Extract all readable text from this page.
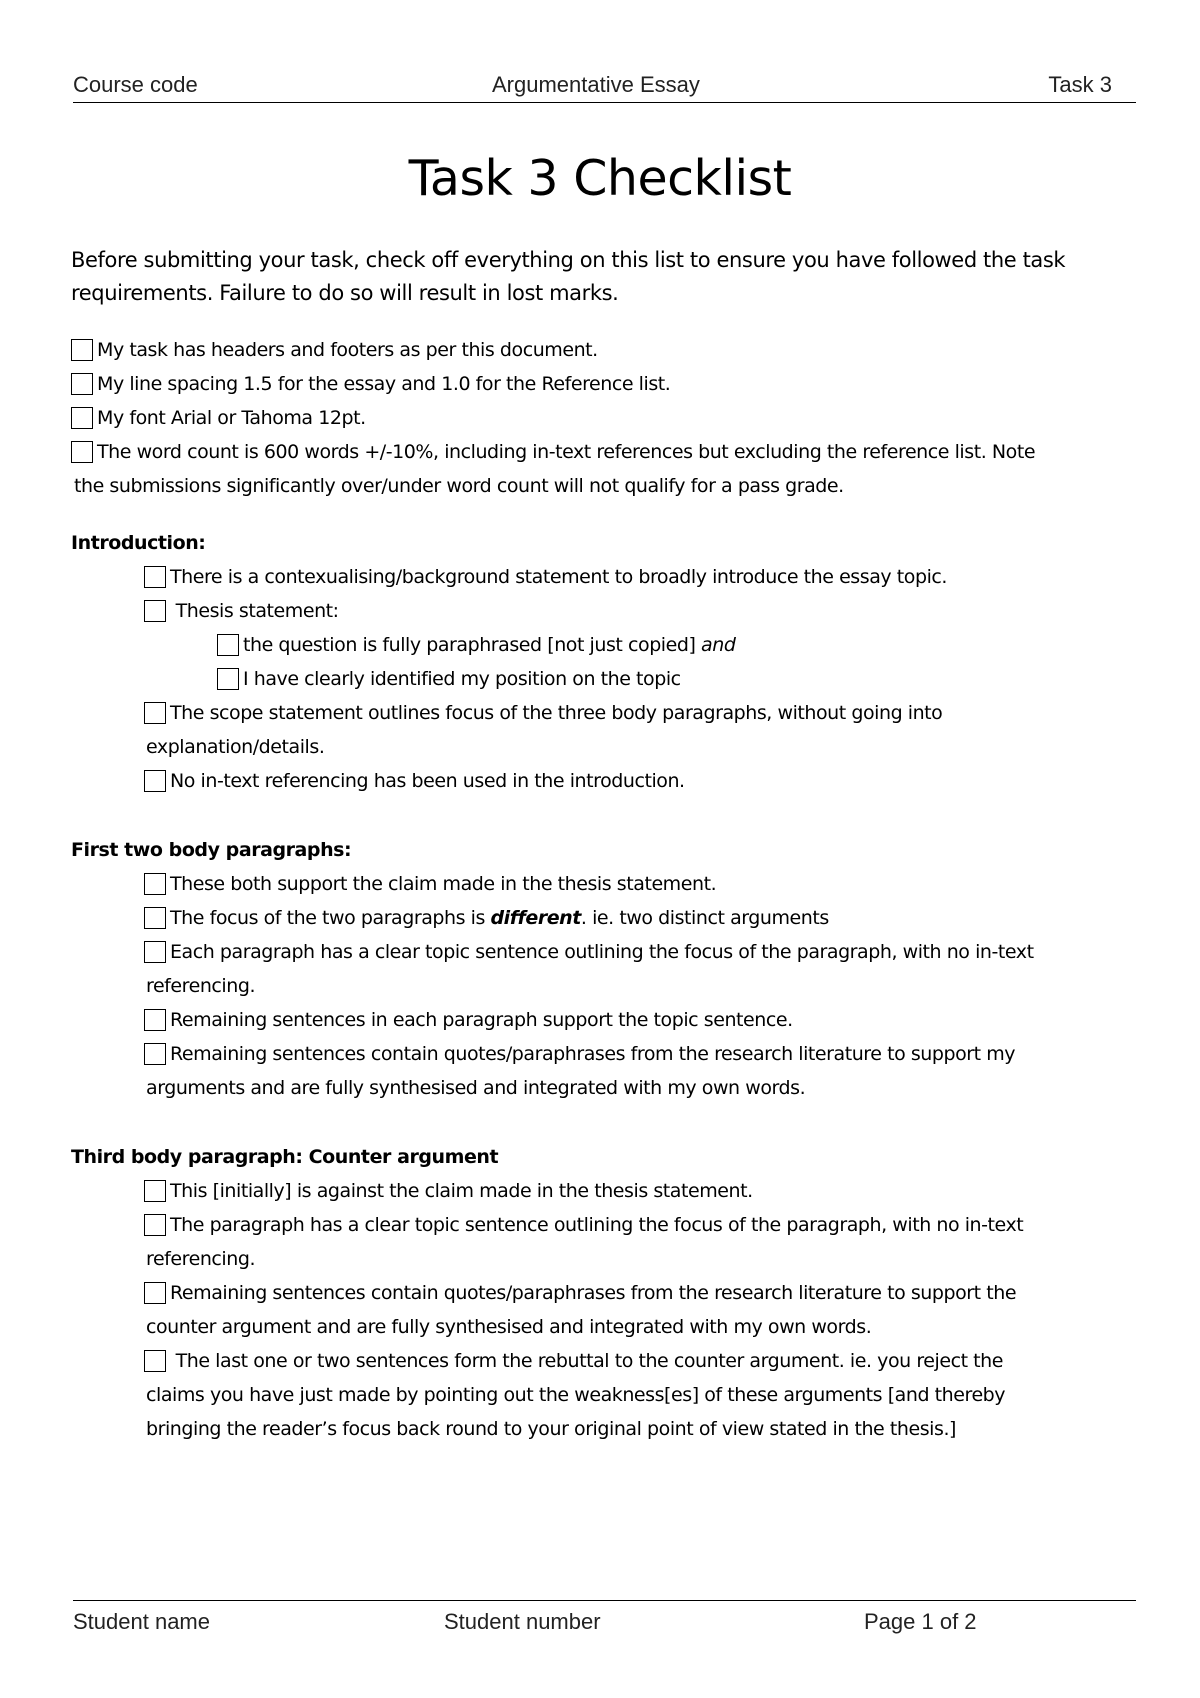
Course code	Argumentative Essay	Task 3
Task 3 Checklist
Before submitting your task, check off everything on this list to ensure you have followed the task requirements. Failure to do so will result in lost marks.
My task has headers and footers as per this document.
My line spacing 1.5 for the essay and 1.0 for the Reference list.
My font Arial or Tahoma 12pt.
The word count is 600 words +/-10%, including in-text references but excluding the reference list. Note
the submissions significantly over/under word count will not qualify for a pass grade.
Introduction:
There is a contexualising/background statement to broadly introduce the essay topic.
Thesis statement:
the question is fully paraphrased [not just copied] and
I have clearly identified my position on the topic
The scope statement outlines focus of the three body paragraphs, without going into
explanation/details.
No in-text referencing has been used in the introduction.
First two body paragraphs:
These both support the claim made in the thesis statement.
The focus of the two paragraphs is different. ie. two distinct arguments
Each paragraph has a clear topic sentence outlining the focus of the paragraph, with no in-text
referencing.
Remaining sentences in each paragraph support the topic sentence.
Remaining sentences contain quotes/paraphrases from the research literature to support my
arguments and are fully synthesised and integrated with my own words.
Third body paragraph: Counter argument
This [initially] is against the claim made in the thesis statement.
The paragraph has a clear topic sentence outlining the focus of the paragraph, with no in-text
referencing.
Remaining sentences contain quotes/paraphrases from the research literature to support the
counter argument and are fully synthesised and integrated with my own words.
The last one or two sentences form the rebuttal to the counter argument. ie. you reject the
claims you have just made by pointing out the weakness[es] of these arguments [and thereby
bringing the reader’s focus back round to your original point of view stated in the thesis.]
Student name	Student number	Page 1 of 2
